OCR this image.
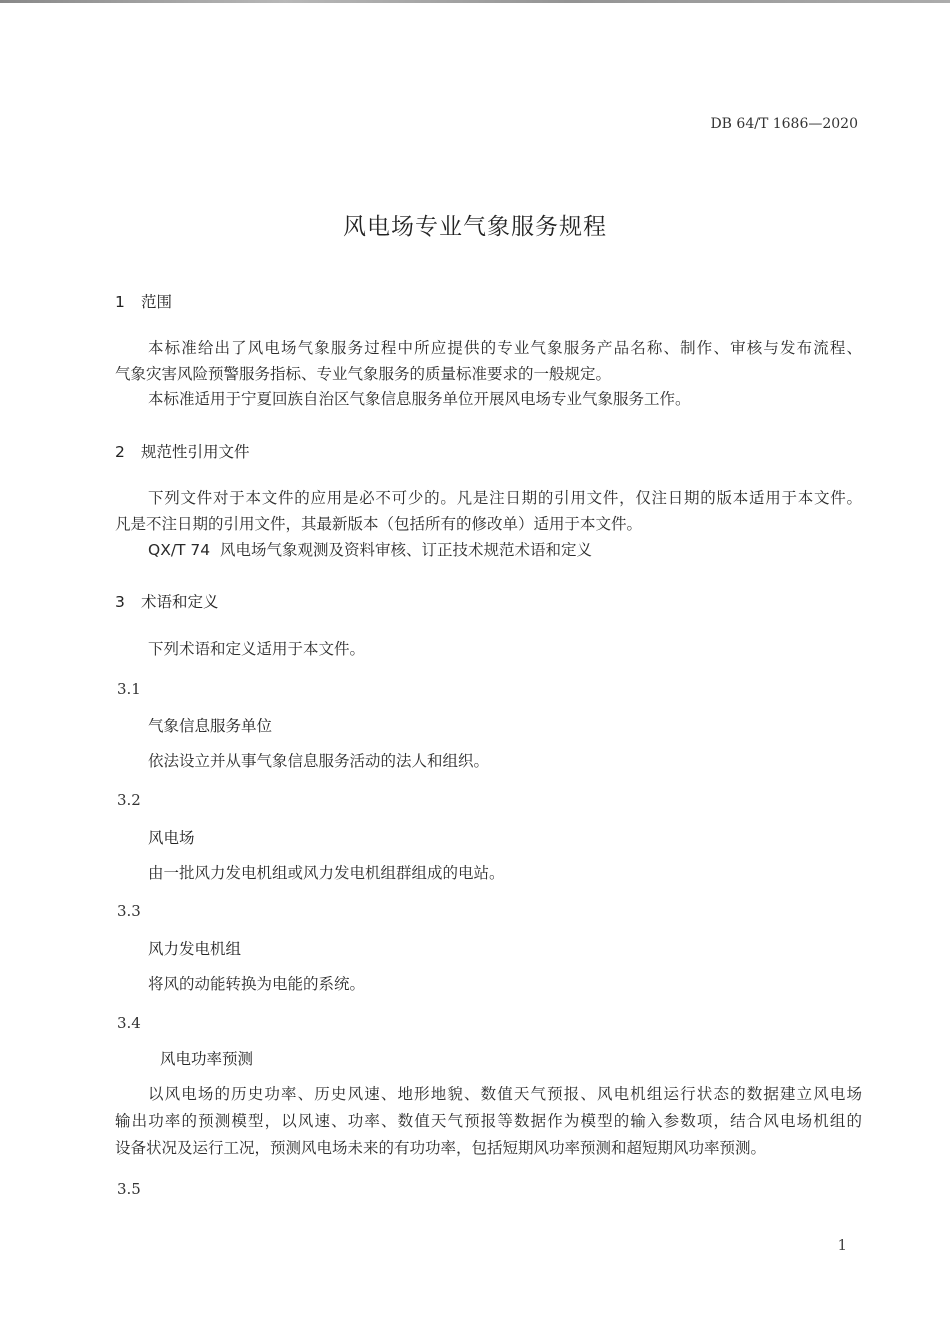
DB 64/T 1686—2020
风电场专业气象服务规程
1 范围
本标准给出了风电场气象服务过程中所应提供的专业气象服务产品名称、制作、审核与发布流程、
气象灾害风险预警服务指标、专业气象服务的质量标准要求的一般规定。
本标准适用于宁夏回族自治区气象信息服务单位开展风电场专业气象服务工作。
2 规范性引用文件
下列文件对于本文件的应用是必不可少的。凡是注日期的引用文件，仅注日期的版本适用于本文件。
凡是不注日期的引用文件，其最新版本（包括所有的修改单）适用于本文件。
QX/T 74  风电场气象观测及资料审核、订正技术规范术语和定义
3 术语和定义
下列术语和定义适用于本文件。
3.1
气象信息服务单位
依法设立并从事气象信息服务活动的法人和组织。
3.2
风电场
由一批风力发电机组或风力发电机组群组成的电站。
3.3
风力发电机组
将风的动能转换为电能的系统。
3.4
风电功率预测
以风电场的历史功率、历史风速、地形地貌、数值天气预报、风电机组运行状态的数据建立风电场
输出功率的预测模型，以风速、功率、数值天气预报等数据作为模型的输入参数项，结合风电场机组的
设备状况及运行工况，预测风电场未来的有功功率，包括短期风功率预测和超短期风功率预测。
3.5
1
